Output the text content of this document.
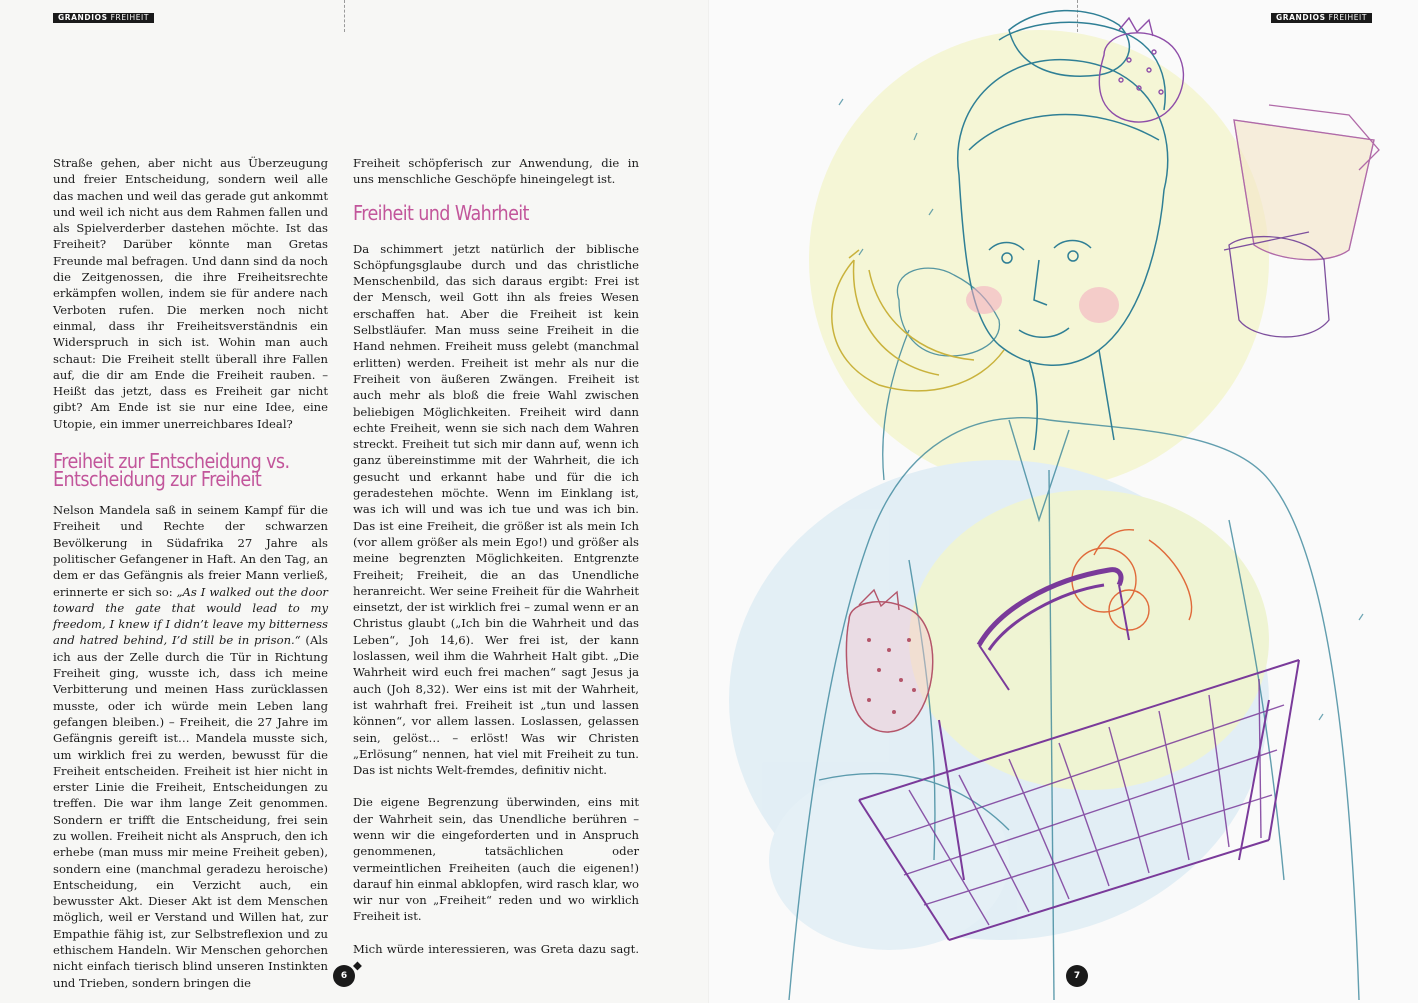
GRANDIOS FREIHEIT

Straße gehen, aber nicht aus Überzeugung und freier Entscheidung, sondern weil alle das machen und weil das gerade gut ankommt und weil ich nicht aus dem Rahmen fallen und als Spielverderber dastehen möchte. Ist das Freiheit? Darüber könnte man Gretas Freunde mal befragen. Und dann sind da noch die Zeitgenossen, die ihre Freiheitsrechte erkämpfen wollen, indem sie für andere nach Verboten rufen. Die merken noch nicht einmal, dass ihr Freiheitsverständnis ein Widerspruch in sich ist. Wohin man auch schaut: Die Freiheit stellt überall ihre Fallen auf, die dir am Ende die Freiheit rauben. – Heißt das jetzt, dass es Freiheit gar nicht gibt? Am Ende ist sie nur eine Idee, eine Utopie, ein immer unerreichbares Ideal?

Freiheit zur Entscheidung vs. Entscheidung zur Freiheit

Nelson Mandela saß in seinem Kampf für die Freiheit und Rechte der schwarzen Bevölkerung in Südafrika 27 Jahre als politischer Gefangener in Haft. An den Tag, an dem er das Gefängnis als freier Mann verließ, erinnerte er sich so: „As I walked out the door toward the gate that would lead to my freedom, I knew if I didn’t leave my bitterness and hatred behind, I’d still be in prison.“ (Als ich aus der Zelle durch die Tür in Richtung Freiheit ging, wusste ich, dass ich meine Verbitterung und meinen Hass zurücklassen musste, oder ich würde mein Leben lang gefangen bleiben.) – Freiheit, die 27 Jahre im Gefängnis gereift ist… Mandela musste sich, um wirklich frei zu werden, bewusst für die Freiheit entscheiden. Freiheit ist hier nicht in erster Linie die Freiheit, Entscheidungen zu treffen. Die war ihm lange Zeit genommen. Sondern er trifft die Entscheidung, frei sein zu wollen. Freiheit nicht als Anspruch, den ich erhebe (man muss mir meine Freiheit geben), sondern eine (manchmal geradezu heroische) Entscheidung, ein Verzicht auch, ein bewusster Akt. Dieser Akt ist dem Menschen möglich, weil er Verstand und Willen hat, zur Empathie fähig ist, zur Selbstreflexion und zu ethischem Handeln. Wir Menschen gehorchen nicht einfach tierisch blind unseren Instinkten und Trieben, sondern bringen die

Freiheit schöpferisch zur Anwendung, die in uns menschliche Geschöpfe hineingelegt ist.

Freiheit und Wahrheit

Da schimmert jetzt natürlich der biblische Schöpfungsglaube durch und das christliche Menschenbild, das sich daraus ergibt: Frei ist der Mensch, weil Gott ihn als freies Wesen erschaffen hat. Aber die Freiheit ist kein Selbstläufer. Man muss seine Freiheit in die Hand nehmen. Freiheit muss gelebt (manchmal erlitten) werden. Freiheit ist mehr als nur die Freiheit von äußeren Zwängen. Freiheit ist auch mehr als bloß die freie Wahl zwischen beliebigen Möglichkeiten. Freiheit wird dann echte Freiheit, wenn sie sich nach dem Wahren streckt. Freiheit tut sich mir dann auf, wenn ich ganz übereinstimme mit der Wahrheit, die ich gesucht und erkannt habe und für die ich geradestehen möchte. Wenn im Einklang ist, was ich will und was ich tue und was ich bin. Das ist eine Freiheit, die größer ist als mein Ich (vor allem größer als mein Ego!) und größer als meine begrenzten Möglichkeiten. Entgrenzte Freiheit; Freiheit, die an das Unendliche heranreicht. Wer seine Freiheit für die Wahrheit einsetzt, der ist wirklich frei – zumal wenn er an Christus glaubt („Ich bin die Wahrheit und das Leben“, Joh 14,6). Wer frei ist, der kann loslassen, weil ihm die Wahrheit Halt gibt. „Die Wahrheit wird euch frei machen“ sagt Jesus ja auch (Joh 8,32). Wer eins ist mit der Wahrheit, ist wahrhaft frei. Freiheit ist „tun und lassen können“, vor allem lassen. Loslassen, gelassen sein, gelöst… – erlöst! Was wir Christen „Erlösung“ nennen, hat viel mit Freiheit zu tun. Das ist nichts Welt-fremdes, definitiv nicht.

Die eigene Begrenzung überwinden, eins mit der Wahrheit sein, das Unendliche berühren – wenn wir die eingeforderten und in Anspruch genommenen, tatsächlichen oder vermeintlichen Freiheiten (auch die eigenen!) darauf hin einmal abklopfen, wird rasch klar, wo wir nur von „Freiheit“ reden und wo wirklich Freiheit ist.

Mich würde interessieren, was Greta dazu sagt. ◆

6
GRANDIOS FREIHEIT
7
